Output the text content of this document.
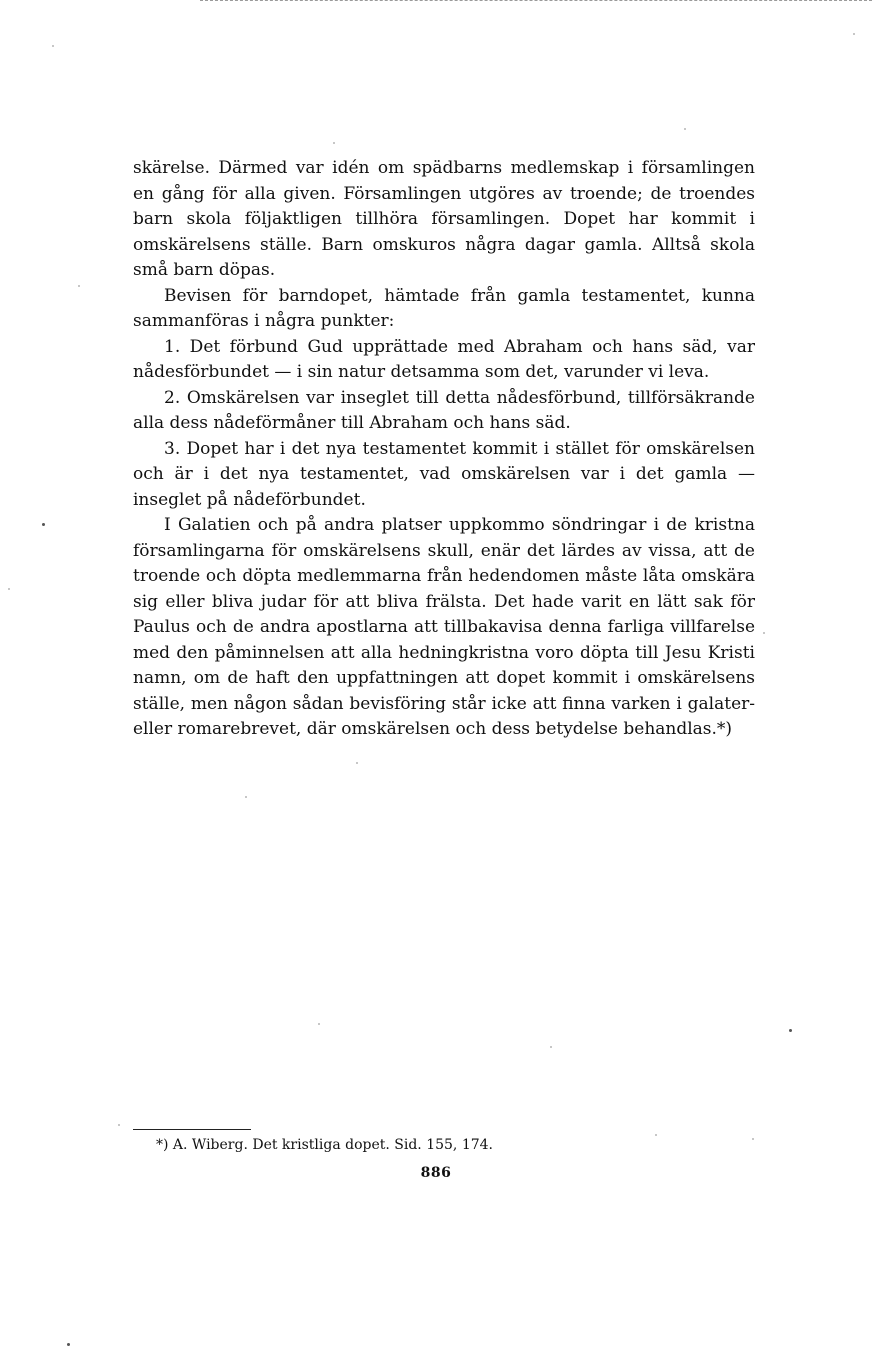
skärelse. Därmed var idén om spädbarns medlemskap i församlingen en gång för alla given. Församlingen utgöres av troende; de troendes barn skola följaktligen tillhöra församlingen. Dopet har kommit i omskärelsens ställe. Barn omskuros några dagar gamla. Alltså skola små barn döpas.

Bevisen för barndopet, hämtade från gamla testamentet, kunna sammanföras i några punkter:

1. Det förbund Gud upprättade med Abraham och hans säd, var nådesförbundet — i sin natur detsamma som det, varunder vi leva.

2. Omskärelsen var inseglet till detta nådesförbund, tillförsäkrande alla dess nådeförmåner till Abraham och hans säd.

3. Dopet har i det nya testamentet kommit i stället för omskärelsen och är i det nya testamentet, vad omskärelsen var i det gamla — inseglet på nådeförbundet.

I Galatien och på andra platser uppkommo söndringar i de kristna församlingarna för omskärelsens skull, enär det lärdes av vissa, att de troende och döpta medlemmarna från hedendomen måste låta omskära sig eller bliva judar för att bliva frälsta. Det hade varit en lätt sak för Paulus och de andra apostlarna att tillbakavisa denna farliga villfarelse med den påminnelsen att alla hedningkristna voro döpta till Jesu Kristi namn, om de haft den uppfattningen att dopet kommit i omskärelsens ställe, men någon sådan bevisföring står icke att finna varken i galater- eller romarebrevet, där omskärelsen och dess betydelse behandlas.*)

*) A. Wiberg. Det kristliga dopet. Sid. 155, 174.
886
